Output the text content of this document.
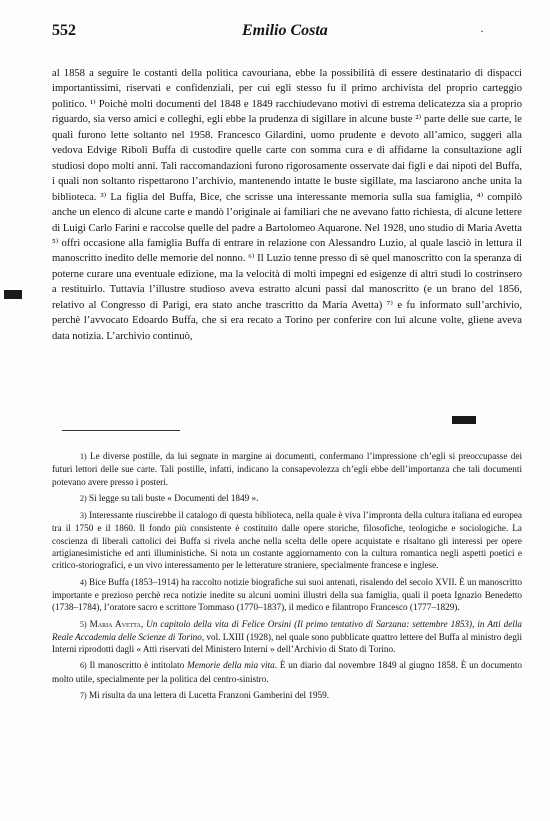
552	Emilio Costa	·

al 1858 a seguire le costanti della politica cavouriana, ebbe la possibilità di essere destinatario di dispacci importantissimi, riservati e confidenziali, per cui egli stesso fu il primo archivista del proprio carteggio politico. ¹⁾ Poichè molti documenti del 1848 e 1849 racchiudevano motivi di estrema delicatezza sia a proprio riguardo, sia verso amici e colleghi, egli ebbe la prudenza di sigillare in alcune buste ²⁾ parte delle sue carte, le quali furono lette soltanto nel 1958. Francesco Gilardini, uomo prudente e devoto all’amico, suggerì alla vedova Edvige Riboli Buffa di custodire quelle carte con somma cura e di affidarne la consultazione agli studiosi dopo molti anni. Tali raccomandazioni furono rigorosamente osservate dai figli e dai nipoti del Buffa, i quali non soltanto rispettarono l’archivio, mantenendo intatte le buste sigillate, ma lasciarono anche unita la biblioteca. ³⁾ La figlia del Buffa, Bice, che scrisse una interessante memoria sulla sua famiglia, ⁴⁾ compilò anche un elenco di alcune carte e mandò l’originale ai familiari che ne avevano fatto richiesta, di alcune lettere di Luigi Carlo Farini e raccolse quelle del padre a Bartolomeo Aquarone. Nel 1928, uno studio di Maria Avetta ⁵⁾ offrì occasione alla famiglia Buffa di entrare in relazione con Alessandro Luzio, al quale lasciò in lettura il manoscritto inedito delle memorie del nonno. ⁶⁾ Il Luzio tenne presso di sè quel manoscritto con la speranza di poterne curare una eventuale edizione, ma la velocità di molti impegni ed esigenze di altri studi lo costrinsero a restituirlo. Tuttavia l’illustre studioso aveva estratto alcuni passi dal manoscritto (e un brano del 1856, relativo al Congresso di Parigi, era stato anche trascritto da Maria Avetta) ⁷⁾ e fu informato sull’archivio, perchè l’avvocato Edoardo Buffa, che si era recato a Torino per conferire con lui alcune volte, gliene aveva data notizia. L’archivio continuò,

1) Le diverse postille, da lui segnate in margine ai documenti, confermano l’impressione ch’egli si preoccupasse dei futuri lettori delle sue carte. Tali postille, infatti, indicano la consapevolezza ch’egli ebbe dell’importanza che tali documenti potevano avere presso i posteri.

2) Si legge su tali buste « Documenti del 1849 ».

3) Interessante riuscirebbe il catalogo di questa biblioteca, nella quale è viva l’impronta della cultura italiana ed europea tra il 1750 e il 1860. Il fondo più consistente è costituito dalle opere storiche, filosofiche, teologiche e sociologiche. La coscienza di liberali cattolici dei Buffa si rivela anche nella scelta delle opere acquistate e risaltano gli interessi per opere artigianesimistiche ed anti illuministiche. Si nota un costante aggiornamento con la cultura romantica negli aspetti poetici e critico-storiografici, e un vivo interessamento per le letterature straniere, specialmente francese e inglese.

4) Bice Buffa (1853–1914) ha raccolto notizie biografiche sui suoi antenati, risalendo del secolo XVII. È un manoscritto importante e prezioso perchè reca notizie inedite su alcuni uomini illustri della sua famiglia, quali il poeta Ignazio Benedetto (1738–1784), l’oratore sacro e scrittore Tommaso (1770–1837), il medico e filantropo Francesco (1777–1829).

5) Maria Avetta, Un capitolo della vita di Felice Orsini (Il primo tentativo di Sarzana: settembre 1853), in Atti della Reale Accademia delle Scienze di Torino, vol. LXIII (1928), nel quale sono pubblicate quattro lettere del Buffa al ministro degli Interni riprodotti dagli « Atti riservati del Ministero Interni » dell’Archivio di Stato di Torino.

6) Il manoscritto è intitolato Memorie della mia vita. È un diario dal novembre 1849 al giugno 1858. È un documento molto utile, specialmente per la politica del centro-sinistro.

7) Mi risulta da una lettera di Lucetta Franzoni Gamberini del 1959.
